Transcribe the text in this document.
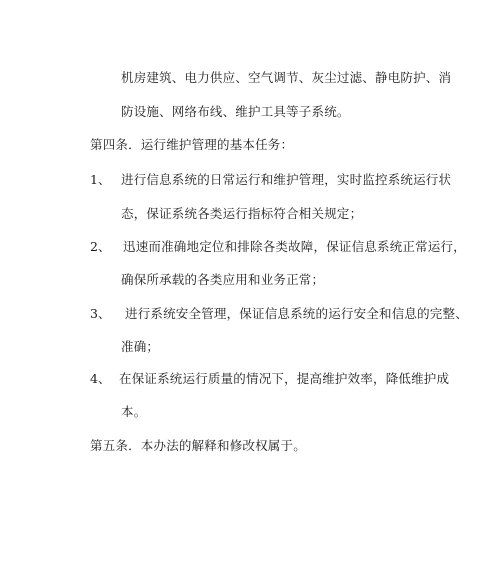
机房建筑、电力供应、空气调节、灰尘过滤、静电防护、消
防设施、网络布线、维护工具等子系统。
第四条．运行维护管理的基本任务：
1、 进行信息系统的日常运行和维护管理，实时监控系统运行状
态，保证系统各类运行指标符合相关规定；
2、 迅速而准确地定位和排除各类故障，保证信息系统正常运行，
确保所承载的各类应用和业务正常；
3、 进行系统安全管理，保证信息系统的运行安全和信息的完整、
准确；
4、 在保证系统运行质量的情况下，提高维护效率，降低维护成
本。
第五条．本办法的解释和修改权属于。
